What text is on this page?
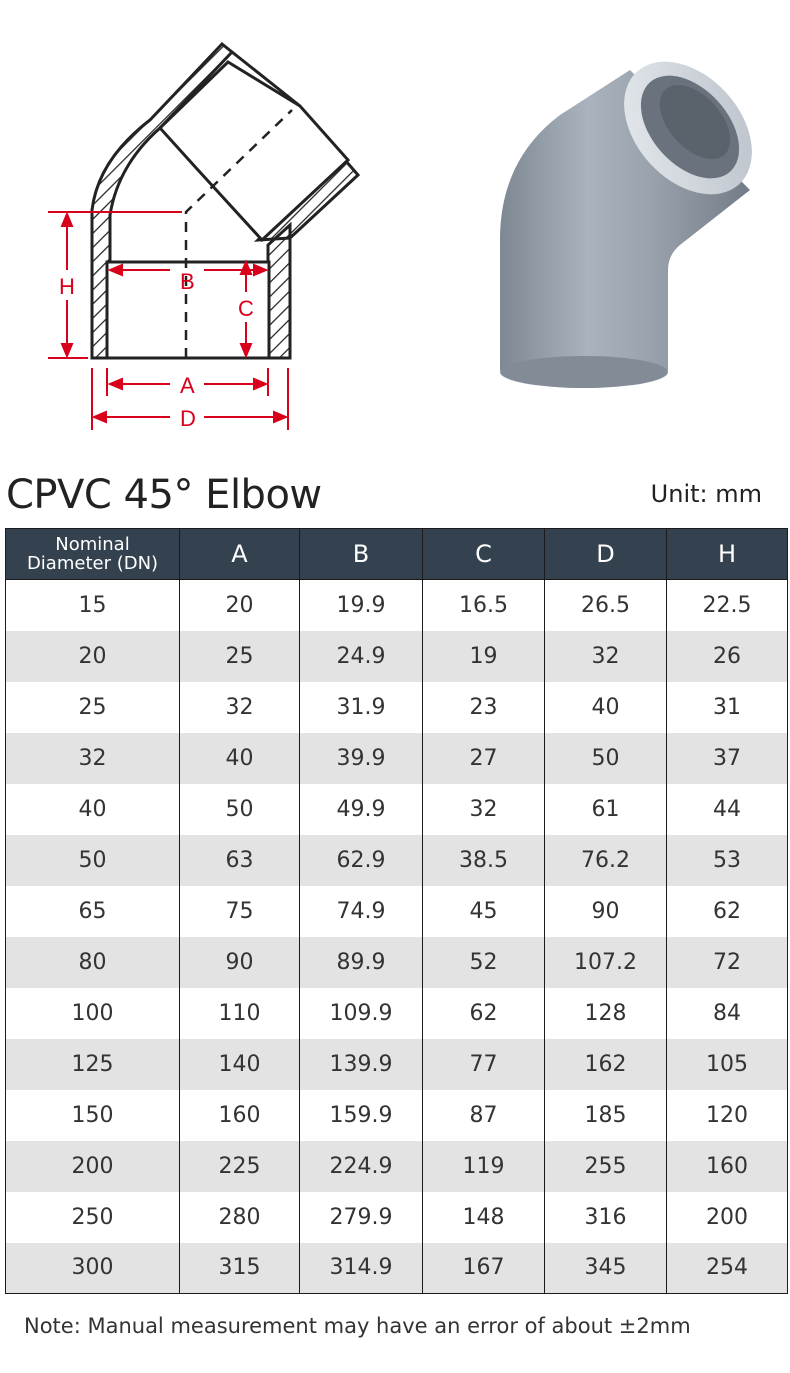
H	B
C
A
D
CPVC 45° Elbow	Unit: mm
Nominal
Diameter (DN)	A	B	C	D	H
15	20	19.9	16.5	26.5	22.5
20	25	24.9	19	32	26
25	32	31.9	23	40	31
32	40	39.9	27	50	37
40	50	49.9	32	61	44
50	63	62.9	38.5	76.2	53
65	75	74.9	45	90	62
80	90	89.9	52	107.2	72
100	110	109.9	62	128	84
125	140	139.9	77	162	105
150	160	159.9	87	185	120
200	225	224.9	119	255	160
250	280	279.9	148	316	200
300	315	314.9	167	345	254
Note: Manual measurement may have an error of about ±2mm
